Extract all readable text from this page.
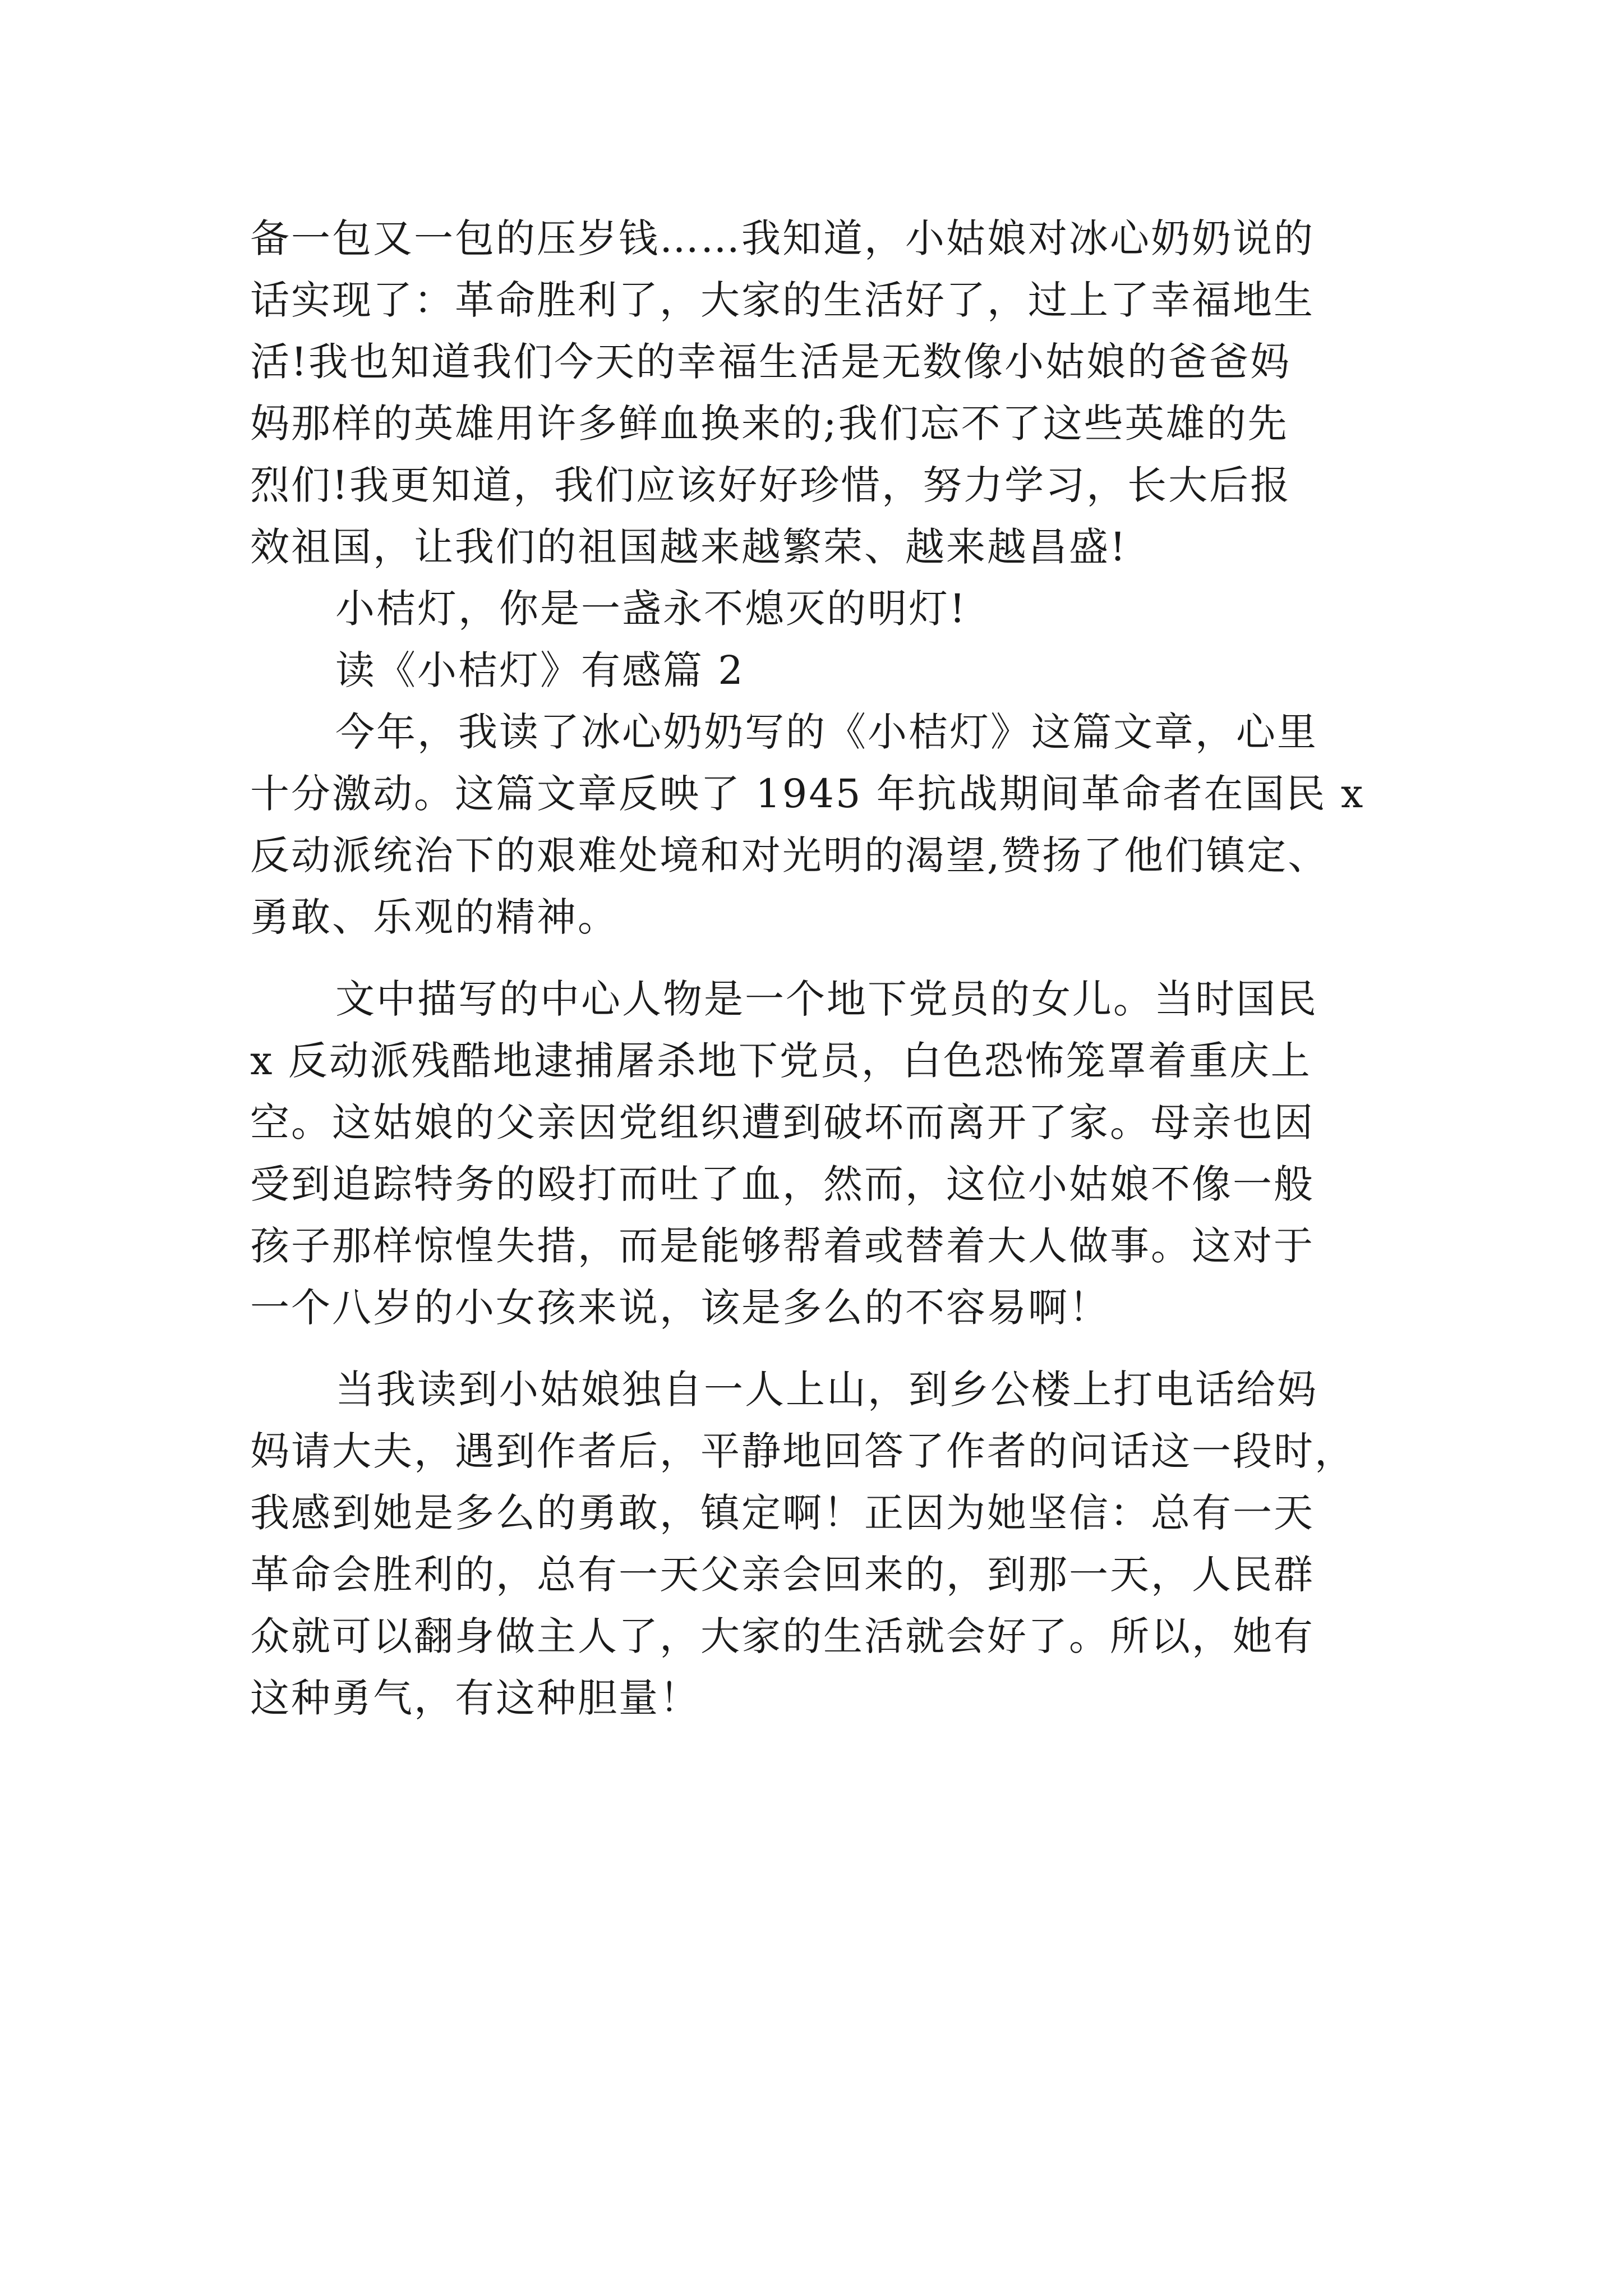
备一包又一包的压岁钱……我知道，小姑娘对冰心奶奶说的
话实现了：革命胜利了，大家的生活好了，过上了幸福地生
活!我也知道我们今天的幸福生活是无数像小姑娘的爸爸妈
妈那样的英雄用许多鲜血换来的;我们忘不了这些英雄的先
烈们!我更知道，我们应该好好珍惜，努力学习，长大后报
效祖国，让我们的祖国越来越繁荣、越来越昌盛!
小桔灯，你是一盏永不熄灭的明灯!
读《小桔灯》有感篇 2
今年，我读了冰心奶奶写的《小桔灯》这篇文章，心里
十分激动。这篇文章反映了 1945 年抗战期间革命者在国民 x
反动派统治下的艰难处境和对光明的渴望,赞扬了他们镇定、
勇敢、乐观的精神。
文中描写的中心人物是一个地下党员的女儿。当时国民
x 反动派残酷地逮捕屠杀地下党员，白色恐怖笼罩着重庆上
空。这姑娘的父亲因党组织遭到破坏而离开了家。母亲也因
受到追踪特务的殴打而吐了血，然而，这位小姑娘不像一般
孩子那样惊惶失措，而是能够帮着或替着大人做事。这对于
一个八岁的小女孩来说，该是多么的不容易啊！
当我读到小姑娘独自一人上山，到乡公楼上打电话给妈
妈请大夫，遇到作者后，平静地回答了作者的问话这一段时，
我感到她是多么的勇敢，镇定啊！正因为她坚信：总有一天
革命会胜利的，总有一天父亲会回来的，到那一天，人民群
众就可以翻身做主人了，大家的生活就会好了。所以，她有
这种勇气，有这种胆量！
